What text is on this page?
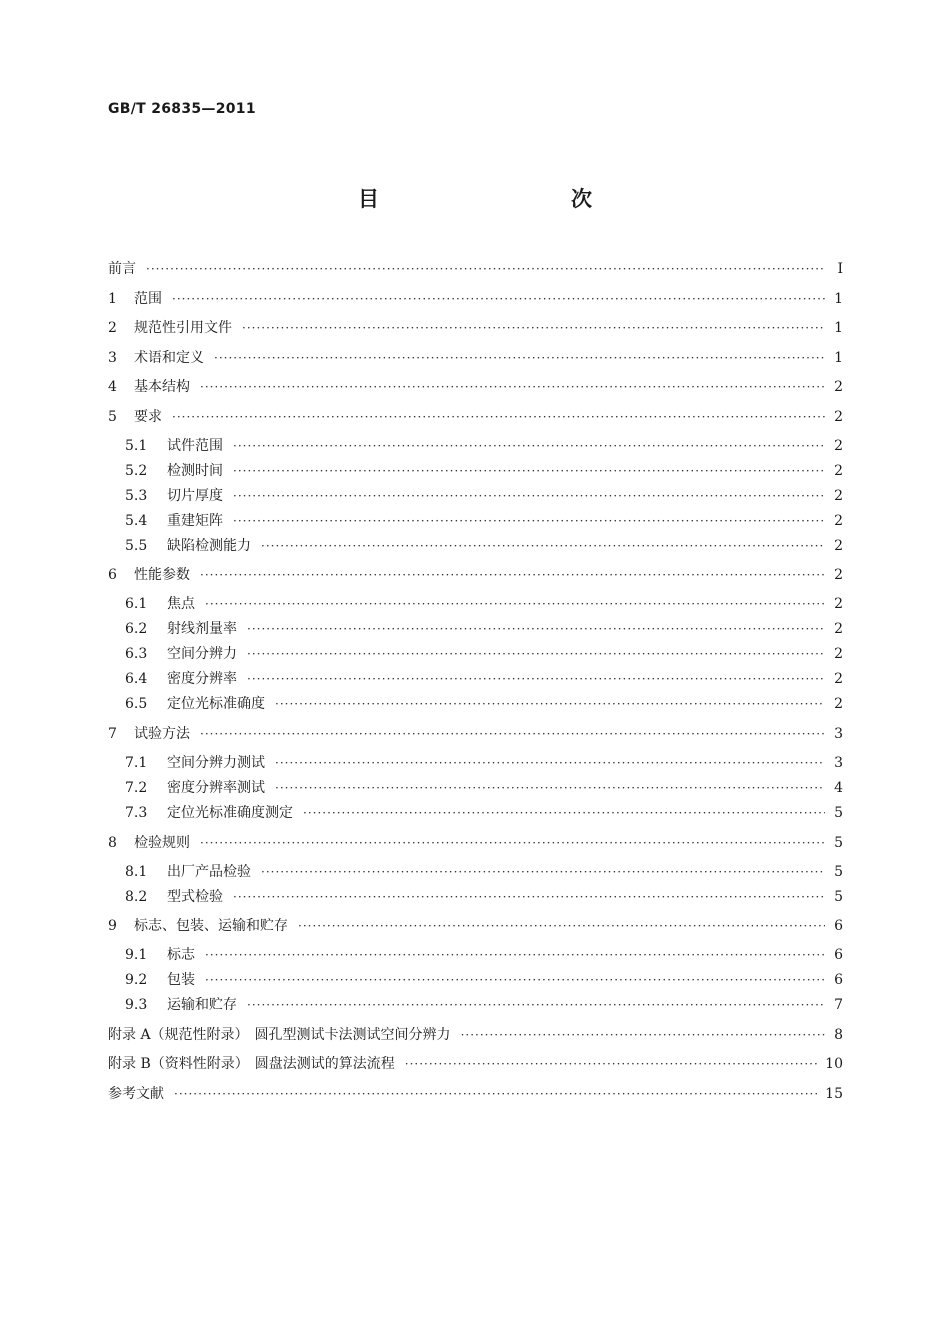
GB/T 26835—2011
目　　次
前言 ·····	Ⅰ
1	范围 ·····	1
2	规范性引用文件 ·····	1
3	术语和定义 ·····	1
4	基本结构 ·····	2
5	要求 ·····	2
5.1	试件范围 ·····	2
5.2	检测时间 ·····	2
5.3	切片厚度 ·····	2
5.4	重建矩阵 ·····	2
5.5	缺陷检测能力 ·····	2
6	性能参数 ·····	2
6.1	焦点 ·····	2
6.2	射线剂量率 ·····	2
6.3	空间分辨力 ·····	2
6.4	密度分辨率 ·····	2
6.5	定位光标准确度 ·····	2
7	试验方法 ·····	3
7.1	空间分辨力测试 ·····	3
7.2	密度分辨率测试 ·····	4
7.3	定位光标准确度测定 ·····	5
8	检验规则 ·····	5
8.1	出厂产品检验 ·····	5
8.2	型式检验 ·····	5
9	标志、包装、运输和贮存 ·····	6
9.1	标志 ·····	6
9.2	包装 ·····	6
9.3	运输和贮存 ·····	7
附录 A（规范性附录） 圆孔型测试卡法测试空间分辨力 ·····	8
附录 B（资料性附录） 圆盘法测试的算法流程 ·····	10
参考文献 ·····	15
